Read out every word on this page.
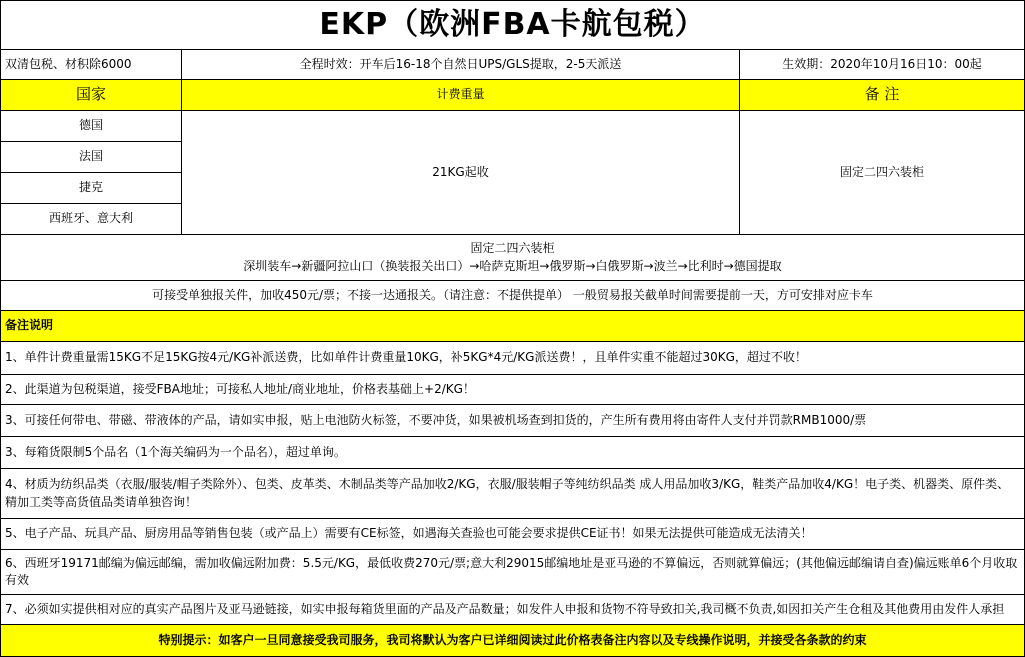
EKP（欧洲FBA卡航包税）
双清包税、材积除6000	全程时效：开车后16-18个自然日UPS/GLS提取，2-5天派送	生效期：2020年10月16日10：00起
国家	计费重量	备 注
德国
法国
捷克
西班牙、意大利
21KG起收	固定二四六装柜
固定二四六装柜
深圳装车→新疆阿拉山口（换装报关出口）→哈萨克斯坦→俄罗斯→白俄罗斯→波兰→比利时→德国提取
可接受单独报关件，加收450元/票；不接一达通报关。（请注意：不提供提单） 一般贸易报关截单时间需要提前一天，方可安排对应卡车
备注说明
1、单件计费重量需15KG不足15KG按4元/KG补派送费，比如单件计费重量10KG，补5KG*4元/KG派送费！，且单件实重不能超过30KG，超过不收！
2、此渠道为包税渠道，接受FBA地址；可接私人地址/商业地址，价格表基础上+2/KG！
3、可接任何带电、带磁、带液体的产品，请如实申报，贴上电池防火标签，不要冲货，如果被机场查到扣货的，产生所有费用将由寄件人支付并罚款RMB1000/票
3、每箱货限制5个品名（1个海关编码为一个品名），超过单询。
4、材质为纺织品类（衣服/服装/帽子类除外）、包类、皮革类、木制品类等产品加收2/KG，衣服/服装帽子等纯纺织品类 成人用品加收3/KG，鞋类产品加收4/KG！电子类、机器类、原件类、精加工类等高货值品类请单独咨询！
5、电子产品、玩具产品、厨房用品等销售包装（或产品上）需要有CE标签，如遇海关查验也可能会要求提供CE证书！如果无法提供可能造成无法清关！
6、西班牙19171邮编为偏远邮编，需加收偏远附加费：5.5元/KG，最低收费270元/票;意大利29015邮编地址是亚马逊的不算偏远，否则就算偏远；(其他偏远邮编请自查)偏远账单6个月收取有效
7、必须如实提供相对应的真实产品图片及亚马逊链接，如实申报每箱货里面的产品及产品数量；如发件人申报和货物不符导致扣关,我司概不负责,如因扣关产生仓租及其他费用由发件人承担
特别提示：如客户一旦同意接受我司服务，我司将默认为客户已详细阅读过此价格表备注内容以及专线操作说明，并接受各条款的约束
